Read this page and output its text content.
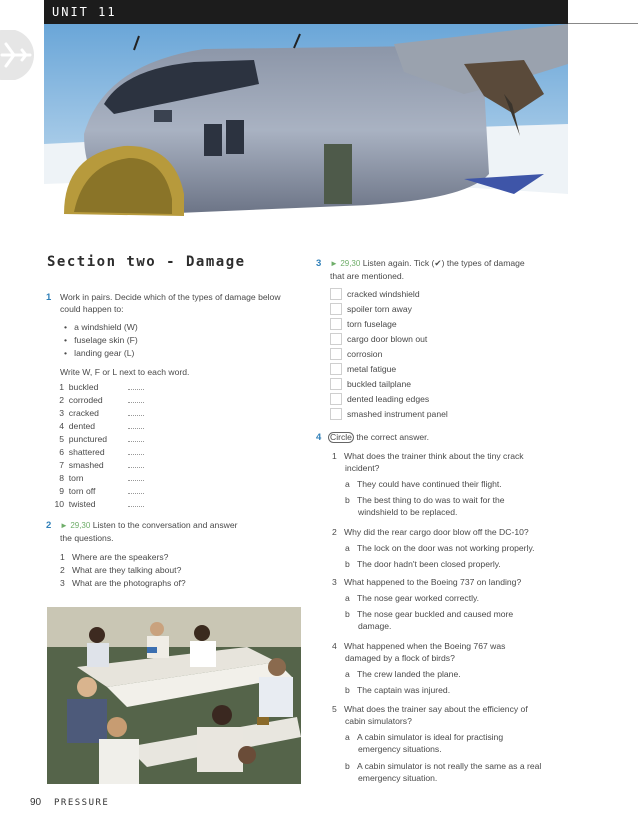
UNIT 11
Section two - Damage
1 Work in pairs. Decide which of the types of damage below could happen to:
•   a windshield (W)
•   fuselage skin (F)
•   landing gear (L)
Write W, F or L next to each word.
1 buckled
2 corroded
3 cracked
4 dented
5 punctured
6 shattered
7 smashed
8 torn
9 torn off
10 twisted
2 ► 29,30 Listen to the conversation and answer
the questions.
1 Where are the speakers?
2 What are they talking about?
3 What are the photographs of?
90 PRESSURE
3 ► 29,30 Listen again. Tick (✔) the types of damage
that are mentioned.
cracked windshield
spoiler torn away
torn fuselage
cargo door blown out
corrosion
metal fatigue
buckled tailplane
dented leading edges
smashed instrument panel
4 Circle the correct answer.
1 What does the trainer think about the tiny crack
incident?
a   They could have continued their flight.
b   The best thing to do was to wait for the
windshield to be replaced.
2 Why did the rear cargo door blow off the DC-10?
a   The lock on the door was not working properly.
b   The door hadn't been closed properly.
3 What happened to the Boeing 737 on landing?
a   The nose gear worked correctly.
b   The nose gear buckled and caused more
damage.
4 What happened when the Boeing 767 was
damaged by a flock of birds?
a   The crew landed the plane.
b   The captain was injured.
5 What does the trainer say about the efficiency of
cabin simulators?
a   A cabin simulator is ideal for practising
emergency situations.
b   A cabin simulator is not really the same as a real
emergency situation.
